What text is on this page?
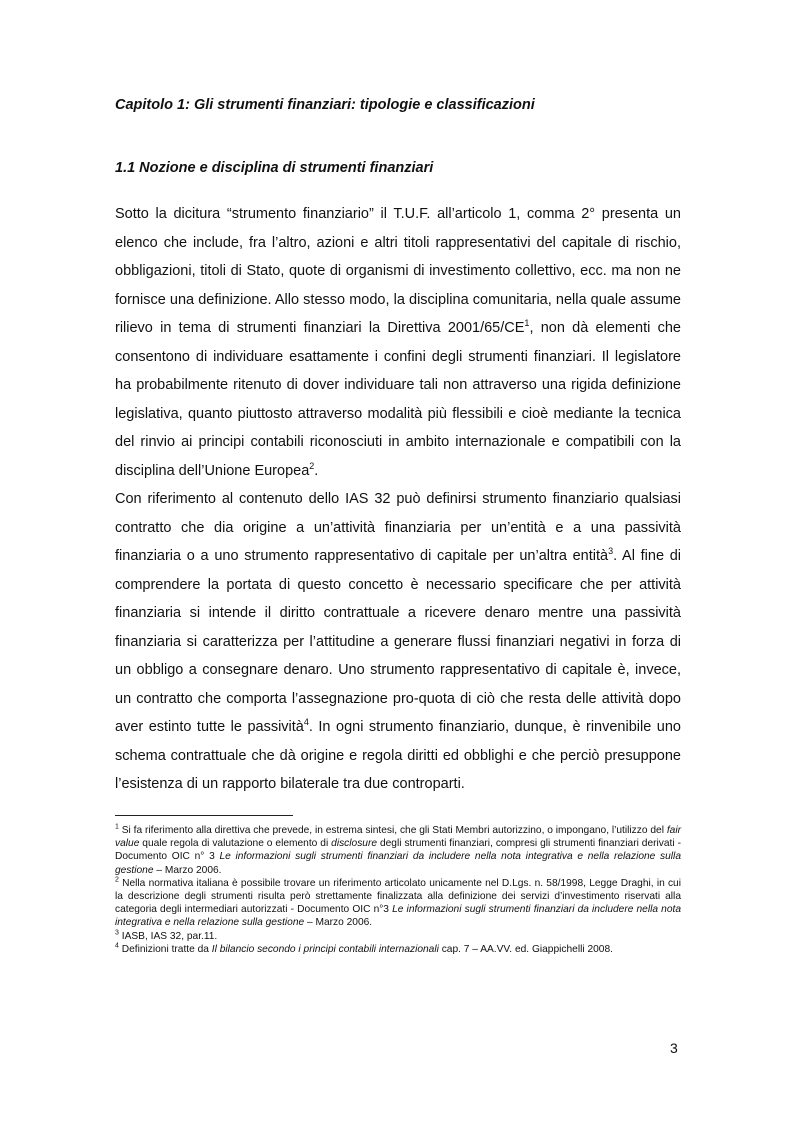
Capitolo 1: Gli strumenti finanziari: tipologie e classificazioni
1.1 Nozione e disciplina di strumenti finanziari

Sotto la dicitura “strumento finanziario” il T.U.F. all’articolo 1, comma 2° presenta un elenco che include, fra l’altro, azioni e altri titoli rappresentativi del capitale di rischio, obbligazioni, titoli di Stato, quote di organismi di investimento collettivo, ecc. ma non ne fornisce una definizione. Allo stesso modo, la disciplina comunitaria, nella quale assume rilievo in tema di strumenti finanziari la Direttiva $2001/65/CE^1$, non dà elementi che consentono di individuare esattamente i confini degli strumenti finanziari. Il legislatore ha probabilmente ritenuto di dover individuare tali non attraverso una rigida definizione legislativa, quanto piuttosto attraverso modalità più flessibili e cioè mediante la tecnica del rinvio ai principi contabili riconosciuti in ambito internazionale e compatibili con la disciplina dell’Unione Europea$^2$.

Con riferimento al contenuto dello IAS 32 può definirsi strumento finanziario qualsiasi contratto che dia origine a un’attività finanziaria per un’entità e a una passività finanziaria o a uno strumento rappresentativo di capitale per un’altra entità$^3$. Al fine di comprendere la portata di questo concetto è necessario specificare che per attività finanziaria si intende il diritto contrattuale a ricevere denaro mentre una passività finanziaria si caratterizza per l’attitudine a generare flussi finanziari negativi in forza di un obbligo a consegnare denaro. Uno strumento rappresentativo di capitale è, invece, un contratto che comporta l’assegnazione pro-quota di ciò che resta delle attività dopo aver estinto tutte le passività$^4$. In ogni strumento finanziario, dunque, è rinvenibile uno schema contrattuale che dà origine e regola diritti ed obblighi e che perciò presuppone l’esistenza di un rapporto bilaterale tra due controparti.

$^1$ Si fa riferimento alla direttiva che prevede, in estrema sintesi, che gli Stati Membri autorizzino, o impongano, l’utilizzo del fair value quale regola di valutazione o elemento di disclosure degli strumenti finanziari, compresi gli strumenti finanziari derivati - Documento OIC n° 3 Le informazioni sugli strumenti finanziari da includere nella nota integrativa e nella relazione sulla gestione – Marzo 2006.

$^2$ Nella normativa italiana è possibile trovare un riferimento articolato unicamente nel D.Lgs. n. 58/1998, Legge Draghi, in cui la descrizione degli strumenti risulta però strettamente finalizzata alla definizione dei servizi d’investimento riservati alla categoria degli intermediari autorizzati - Documento OIC n°3 Le informazioni sugli strumenti finanziari da includere nella nota integrativa e nella relazione sulla gestione – Marzo 2006.

$^3$ IASB, IAS 32, par.11.

$^4$ Definizioni tratte da Il bilancio secondo i principi contabili internazionali cap. 7 – AA.VV. ed. Giappichelli 2008.

3
